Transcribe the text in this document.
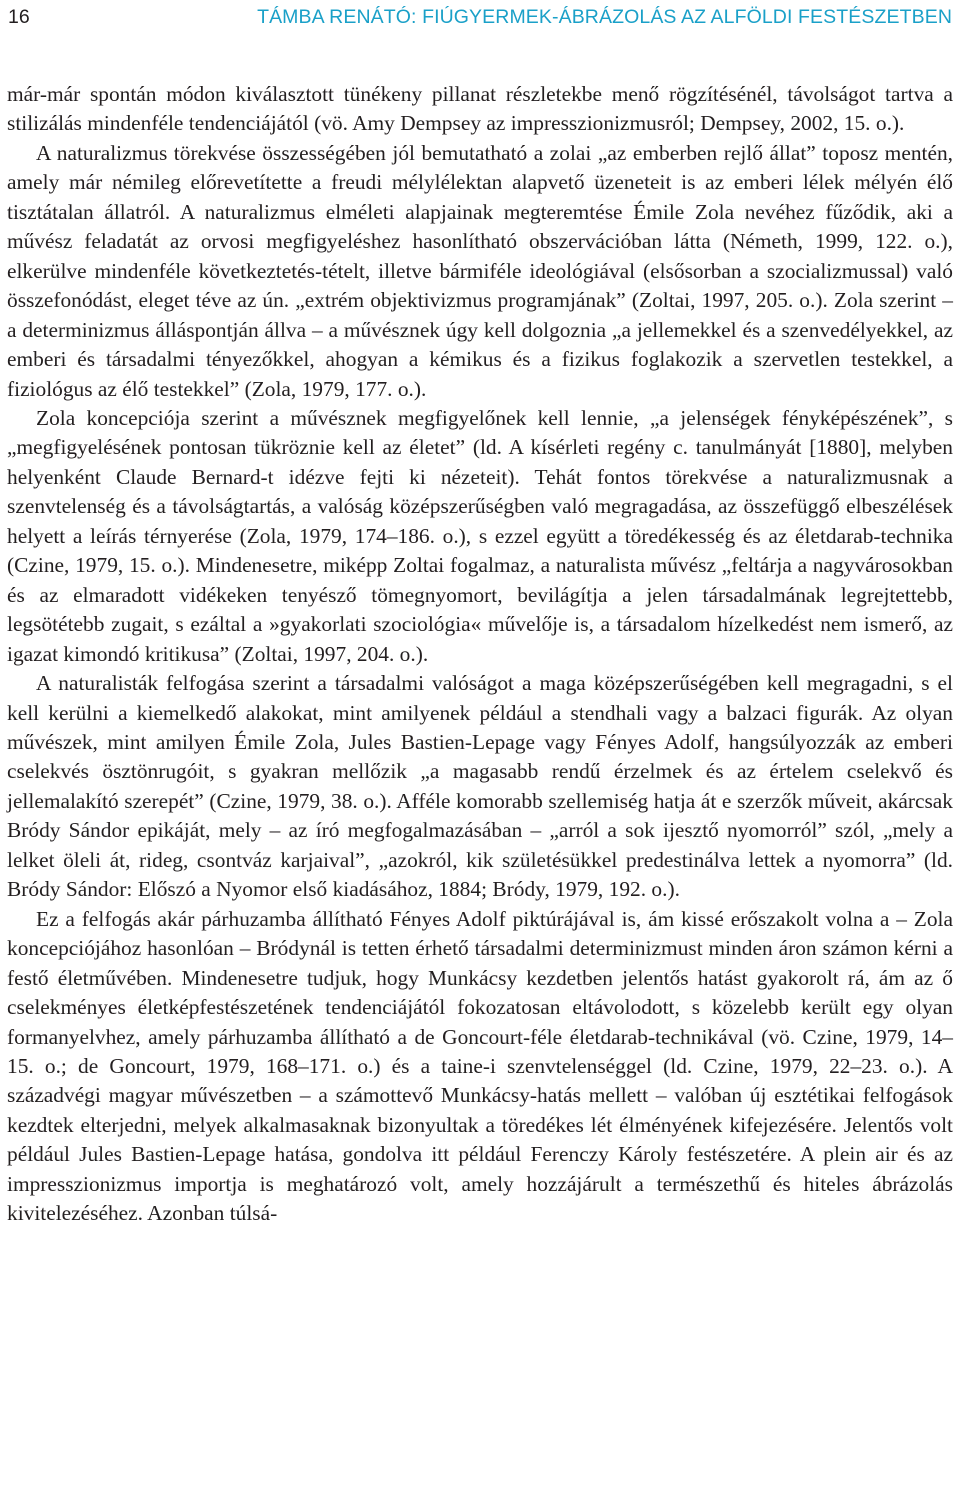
16	TÁMBA RENÁTÓ: FIÚGYERMEK-ÁBRÁZOLÁS AZ ALFÖLDI FESTÉSZETBEN

már-már spontán módon kiválasztott tünékeny pillanat részletekbe menő rögzítésénél, távolságot tartva a stilizálás mindenféle tendenciájától (vö. Amy Dempsey az impresszionizmusról; Dempsey, 2002, 15. o.).

A naturalizmus törekvése összességében jól bemutatható a zolai „az emberben rejlő állat” toposz mentén, amely már némileg előrevetítette a freudi mélylélektan alapvető üzeneteit is az emberi lélek mélyén élő tisztátalan állatról. A naturalizmus elméleti alapjainak megteremtése Émile Zola nevéhez fűződik, aki a művész feladatát az orvosi megfigyeléshez hasonlítható obszervációban látta (Németh, 1999, 122. o.), elkerülve mindenféle következtetés-tételt, illetve bármiféle ideológiával (elsősorban a szocializmussal) való összefonódást, eleget téve az ún. „extrém objektivizmus programjának” (Zoltai, 1997, 205. o.). Zola szerint – a determinizmus álláspontján állva – a művésznek úgy kell dolgoznia „a jellemekkel és a szenvedélyekkel, az emberi és társadalmi tényezőkkel, ahogyan a kémikus és a fizikus foglakozik a szervetlen testekkel, a fiziológus az élő testekkel” (Zola, 1979, 177. o.).

Zola koncepciója szerint a művésznek megfigyelőnek kell lennie, „a jelenségek fényképészének”, s „megfigyelésének pontosan tükröznie kell az életet” (ld. A kísérleti regény c. tanulmányát [1880], melyben helyenként Claude Bernard-t idézve fejti ki nézeteit). Tehát fontos törekvése a naturalizmusnak a szenvtelenség és a távolságtartás, a valóság középszerűségben való megragadása, az összefüggő elbeszélések helyett a leírás térnyerése (Zola, 1979, 174–186. o.), s ezzel együtt a töredékesség és az életdarab-technika (Czine, 1979, 15. o.). Mindenesetre, miképp Zoltai fogalmaz, a naturalista művész „feltárja a nagyvárosokban és az elmaradott vidékeken tenyésző tömegnyomort, bevilágítja a jelen társadalmának legrejtettebb, legsötétebb zugait, s ezáltal a »gyakorlati szociológia« művelője is, a társadalom hízelkedést nem ismerő, az igazat kimondó kritikusa” (Zoltai, 1997, 204. o.).

A naturalisták felfogása szerint a társadalmi valóságot a maga középszerűségében kell megragadni, s el kell kerülni a kiemelkedő alakokat, mint amilyenek például a stendhali vagy a balzaci figurák. Az olyan művészek, mint amilyen Émile Zola, Jules Bastien-Lepage vagy Fényes Adolf, hangsúlyozzák az emberi cselekvés ösztönrugóit, s gyakran mellőzik „a magasabb rendű érzelmek és az értelem cselekvő és jellemalakító szerepét” (Czine, 1979, 38. o.). Afféle komorabb szellemiség hatja át e szerzők műveit, akárcsak Bródy Sándor epikáját, mely – az író megfogalmazásában – „arról a sok ijesztő nyomorról” szól, „mely a lelket öleli át, rideg, csontváz karjaival”, „azokról, kik születésükkel predestinálva lettek a nyomorra” (ld. Bródy Sándor: Előszó a Nyomor első kiadásához, 1884; Bródy, 1979, 192. o.).

Ez a felfogás akár párhuzamba állítható Fényes Adolf piktúrájával is, ám kissé erőszakolt volna a – Zola koncepciójához hasonlóan – Bródynál is tetten érhető társadalmi determinizmust minden áron számon kérni a festő életművében. Mindenesetre tudjuk, hogy Munkácsy kezdetben jelentős hatást gyakorolt rá, ám az ő cselekményes életképfestészetének tendenciájától fokozatosan eltávolodott, s közelebb került egy olyan formanyelvhez, amely párhuzamba állítható a de Goncourt-féle életdarab-technikával (vö. Czine, 1979, 14–15. o.; de Goncourt, 1979, 168–171. o.) és a taine-i szenvtelenséggel (ld. Czine, 1979, 22–23. o.). A századvégi magyar művészetben – a számottevő Munkácsy-hatás mellett – valóban új esztétikai felfogások kezdtek elterjedni, melyek alkalmasaknak bizonyultak a töredékes lét élményének kifejezésére. Jelentős volt például Jules Bastien-Lepage hatása, gondolva itt például Ferenczy Károly festészetére. A plein air és az impresszionizmus importja is meghatározó volt, amely hozzájárult a természethű és hiteles ábrázolás kivitelezéséhez. Azonban túlsá-
